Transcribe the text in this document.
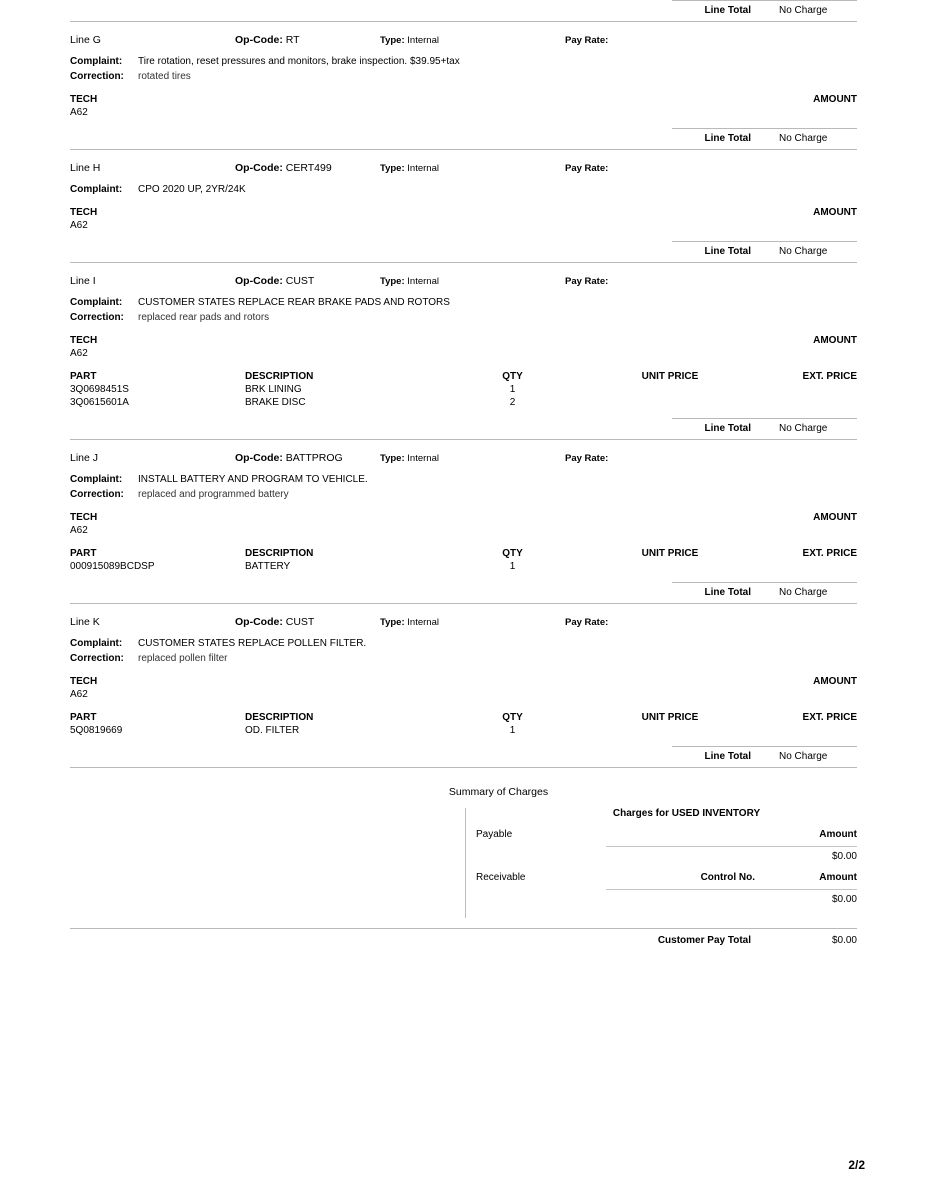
Line Total	No Charge
Line G	Op-Code: RT	Type: Internal	Pay Rate:
Complaint:	Tire rotation, reset pressures and monitors, brake inspection. $39.95+tax
Correction:	rotated tires
TECH	AMOUNT
A62
Line Total	No Charge
Line H	Op-Code: CERT499	Type: Internal	Pay Rate:
Complaint:	CPO 2020 UP, 2YR/24K
TECH	AMOUNT
A62
Line Total	No Charge
Line I	Op-Code: CUST	Type: Internal	Pay Rate:
Complaint:	CUSTOMER STATES REPLACE REAR BRAKE PADS AND ROTORS
Correction:	replaced rear pads and rotors
TECH	AMOUNT
A62
PART	DESCRIPTION	QTY	UNIT PRICE	EXT. PRICE
3Q0698451S	BRK LINING	1
3Q0615601A	BRAKE DISC	2
Line Total	No Charge
Line J	Op-Code: BATTPROG	Type: Internal	Pay Rate:
Complaint:	INSTALL BATTERY AND PROGRAM TO VEHICLE.
Correction:	replaced and programmed battery
TECH	AMOUNT
A62
PART	DESCRIPTION	QTY	UNIT PRICE	EXT. PRICE
000915089BCDSP	BATTERY	1
Line Total	No Charge
Line K	Op-Code: CUST	Type: Internal	Pay Rate:
Complaint:	CUSTOMER STATES REPLACE POLLEN FILTER.
Correction:	replaced pollen filter
TECH	AMOUNT
A62
PART	DESCRIPTION	QTY	UNIT PRICE	EXT. PRICE
5Q0819669	OD. FILTER	1
Line Total	No Charge
Summary of Charges
Charges for USED INVENTORY
Payable	Amount
$0.00
Receivable	Control No.	Amount
$0.00
Customer Pay Total	$0.00
2/2
